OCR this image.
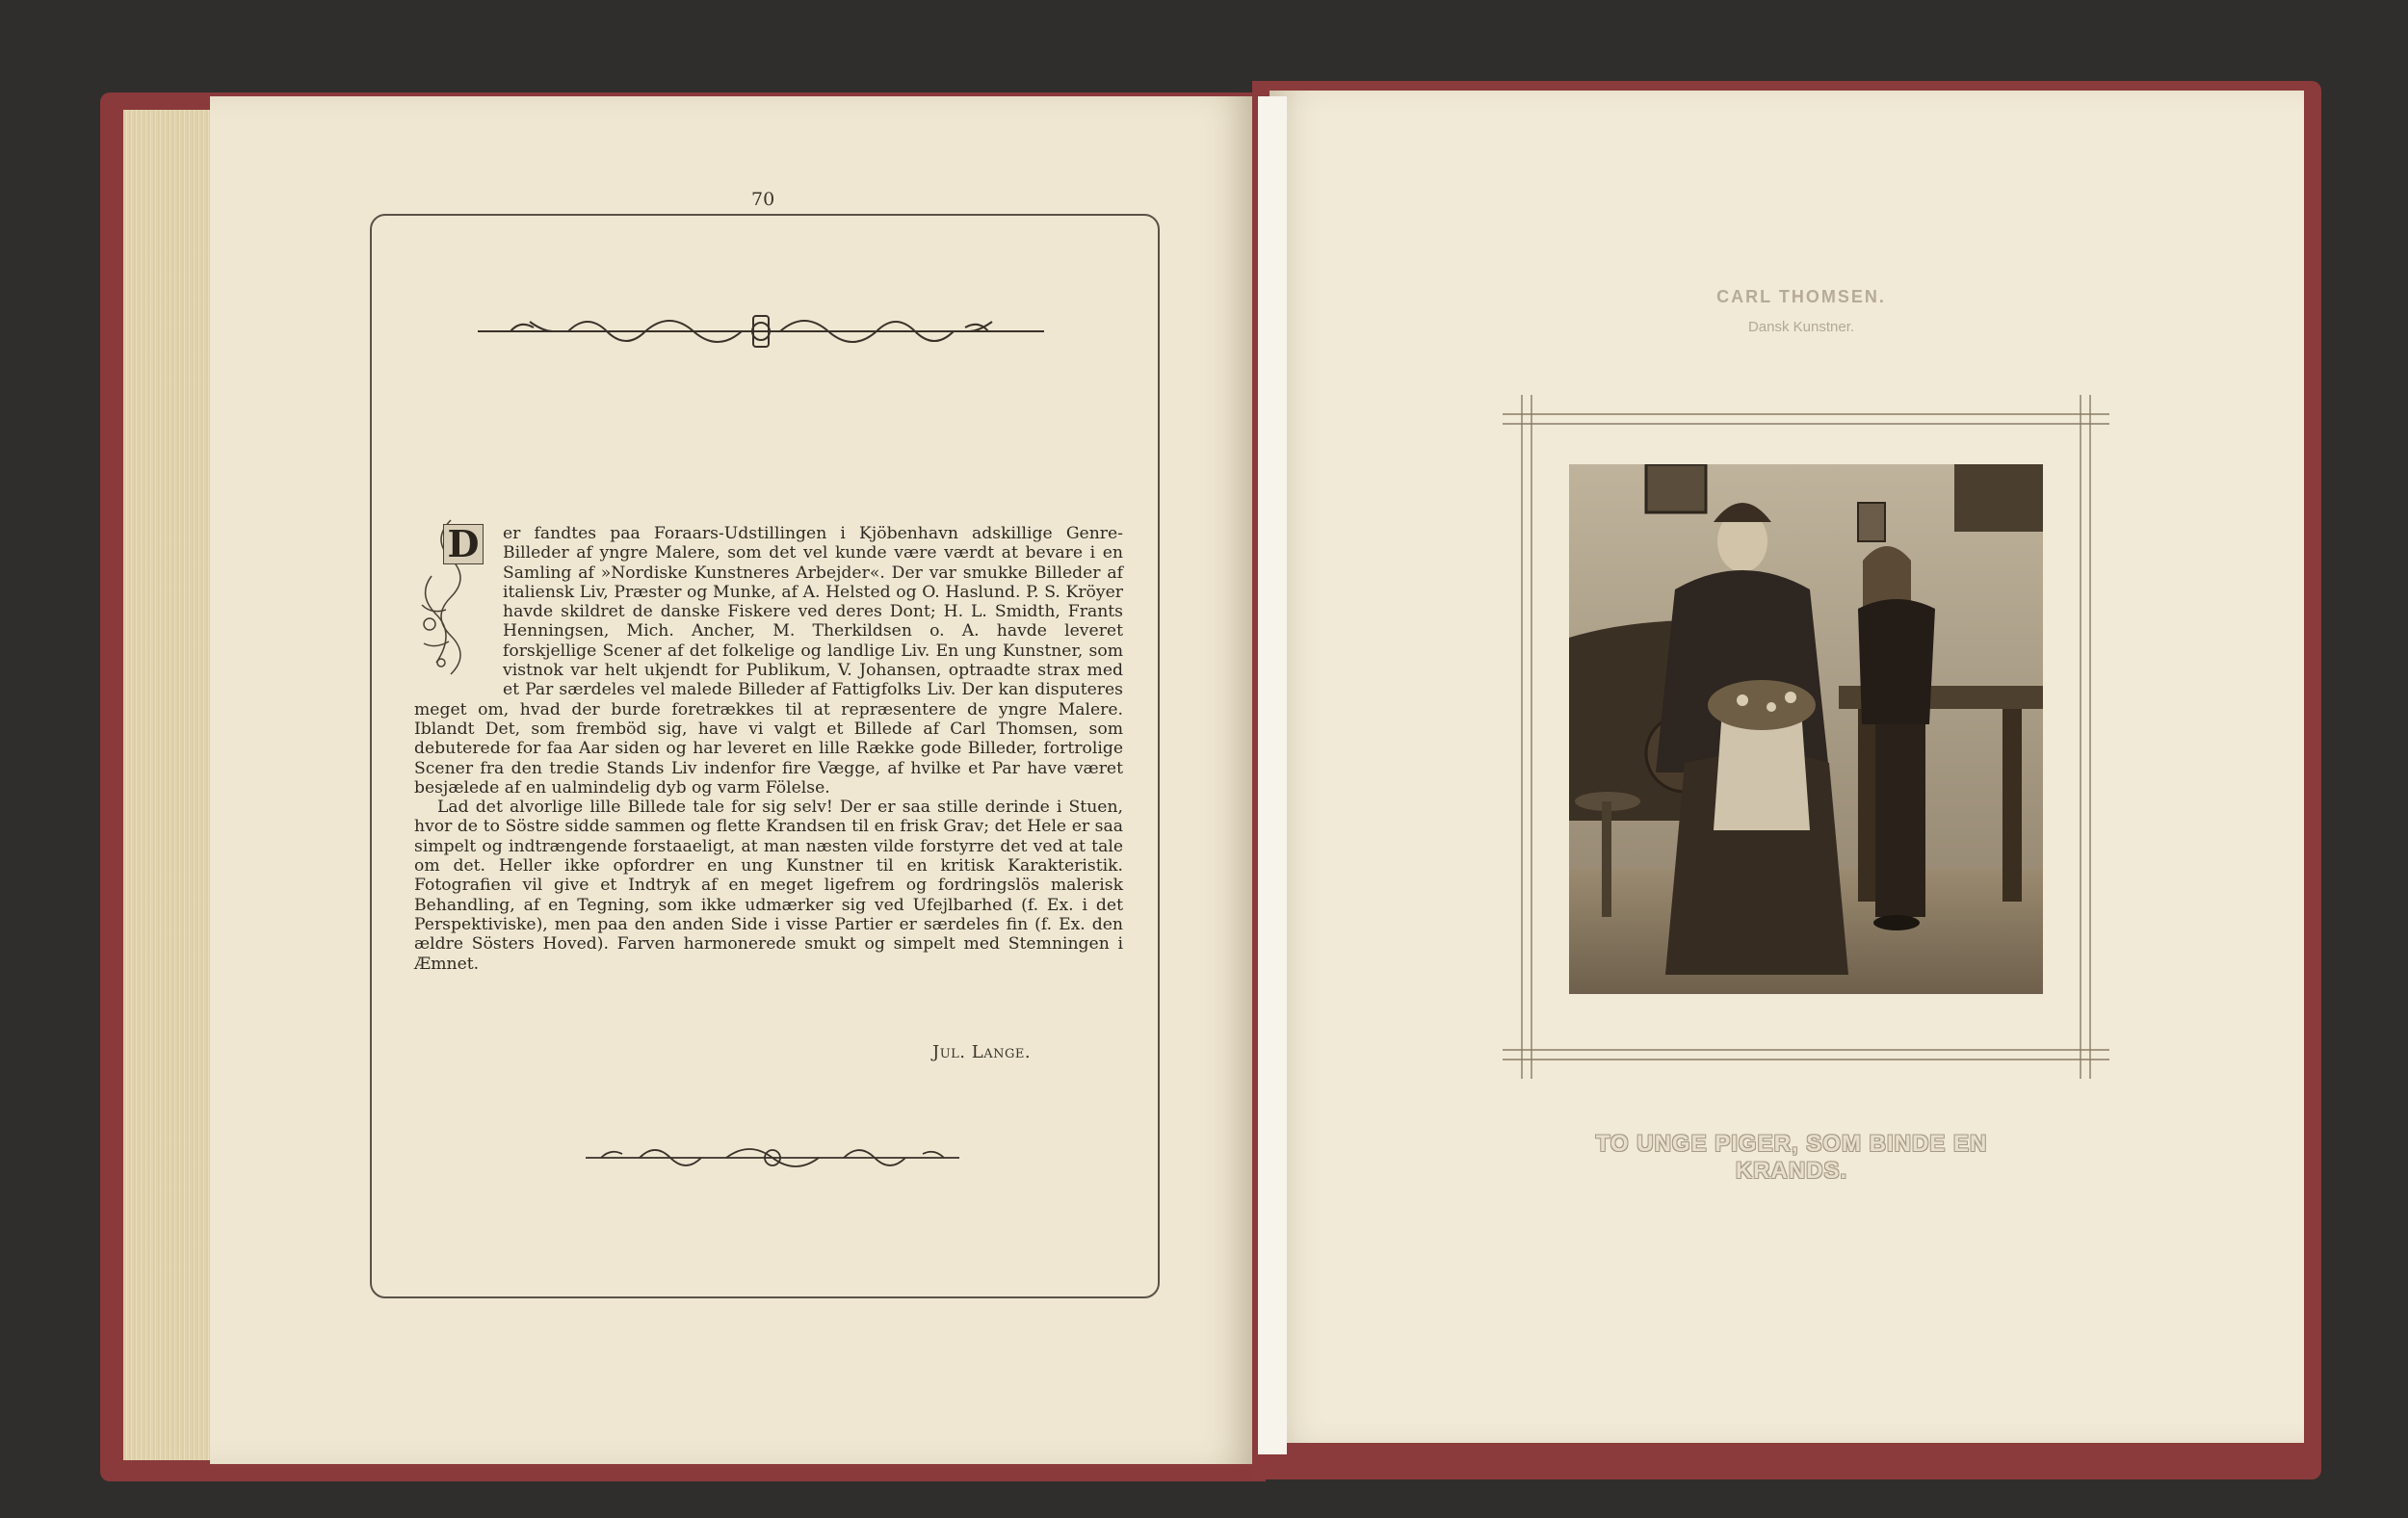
70
D	er fandtes paa Foraars-Udstillingen i Kjöbenhavn adskillige Genre-Billeder af yngre Malere, som det vel kunde være værdt at bevare i en Samling af »Nordiske Kunstneres Arbejder«. Der var smukke Billeder af italiensk Liv, Præster og Munke, af A. Helsted og O. Haslund. P. S. Kröyer havde skildret de danske Fiskere ved deres Dont; H. L. Smidth, Frants Henningsen, Mich. Ancher, M. Therkildsen o. A. havde leveret forskjellige Scener af det folkelige og landlige Liv. En ung Kunstner, som vistnok var helt ukjendt for Publikum, V. Johansen, optraadte strax med et Par særdeles vel malede Billeder af Fattigfolks Liv. Der kan disputeres meget om, hvad der burde foretrækkes til at repræsentere de yngre Malere. Iblandt Det, som fremböd sig, have vi valgt et Billede af Carl Thomsen, som debuterede for faa Aar siden og har leveret en lille Række gode Billeder, fortrolige Scener fra den tredie Stands Liv indenfor fire Vægge, af hvilke et Par have været besjælede af en ualmindelig dyb og varm Fölelse.

Lad det alvorlige lille Billede tale for sig selv! Der er saa stille derinde i Stuen, hvor de to Söstre sidde sammen og flette Krandsen til en frisk Grav; det Hele er saa simpelt og indtrængende forstaaeligt, at man næsten vilde forstyrre det ved at tale om det. Heller ikke opfordrer en ung Kunstner til en kritisk Karakteristik. Fotografien vil give et Indtryk af en meget ligefrem og fordringslös malerisk Behandling, af en Tegning, som ikke udmærker sig ved Ufejlbarhed (f. Ex. i det Perspektiviske), men paa den anden Side i visse Partier er særdeles fin (f. Ex. den ældre Sösters Hoved). Farven harmonerede smukt og simpelt med Stemningen i Æmnet.

Jul. Lange.
CARL THOMSEN.
Dansk Kunstner.
TO UNGE PIGER, SOM BINDE EN KRANDS.
